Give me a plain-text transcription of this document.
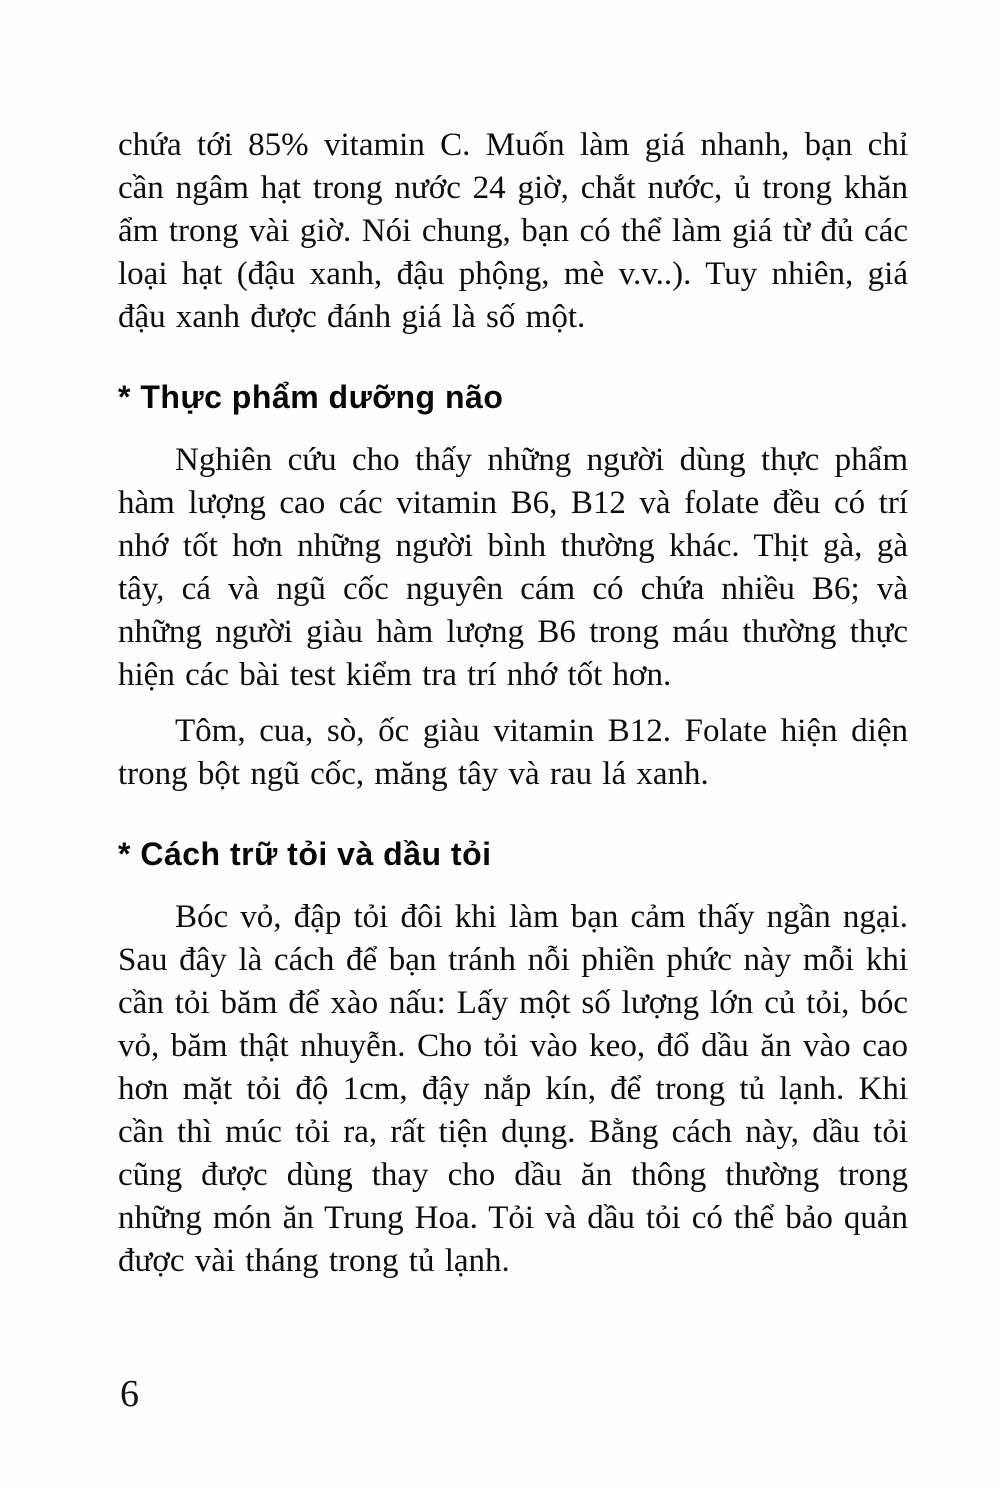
chứa tới 85% vitamin C. Muốn làm giá nhanh, bạn chỉ cần ngâm hạt trong nước 24 giờ, chắt nước, ủ trong khăn ẩm trong vài giờ. Nói chung, bạn có thể làm giá từ đủ các loại hạt (đậu xanh, đậu phộng, mè v.v..). Tuy nhiên, giá đậu xanh được đánh giá là số một.

* Thực phẩm dưỡng não

Nghiên cứu cho thấy những người dùng thực phẩm hàm lượng cao các vitamin B6, B12 và folate đều có trí nhớ tốt hơn những người bình thường khác. Thịt gà, gà tây, cá và ngũ cốc nguyên cám có chứa nhiều B6; và những người giàu hàm lượng B6 trong máu thường thực hiện các bài test kiểm tra trí nhớ tốt hơn.

Tôm, cua, sò, ốc giàu vitamin B12. Folate hiện diện trong bột ngũ cốc, măng tây và rau lá xanh.

* Cách trữ tỏi và dầu tỏi

Bóc vỏ, đập tỏi đôi khi làm bạn cảm thấy ngần ngại. Sau đây là cách để bạn tránh nỗi phiền phức này mỗi khi cần tỏi băm để xào nấu: Lấy một số lượng lớn củ tỏi, bóc vỏ, băm thật nhuyễn. Cho tỏi vào keo, đổ dầu ăn vào cao hơn mặt tỏi độ 1cm, đậy nắp kín, để trong tủ lạnh. Khi cần thì múc tỏi ra, rất tiện dụng. Bằng cách này, dầu tỏi cũng được dùng thay cho dầu ăn thông thường trong những món ăn Trung Hoa. Tỏi và dầu tỏi có thể bảo quản được vài tháng trong tủ lạnh.

6
